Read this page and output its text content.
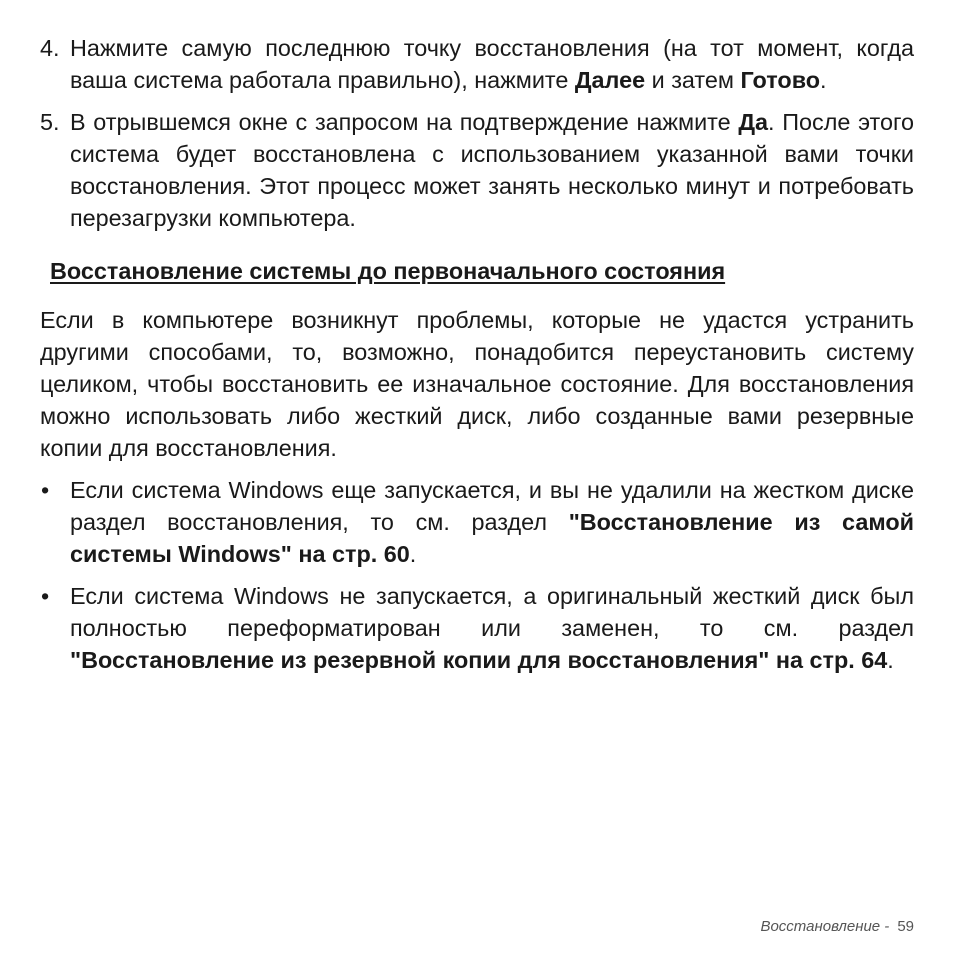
4. Нажмите самую последнюю точку восстановления (на тот момент, когда ваша система работала правильно), нажмите Далее и затем Готово.
5. В отрывшемся окне с запросом на подтверждение нажмите Да. После этого система будет восстановлена с использованием указанной вами точки восстановления. Этот процесс может занять несколько минут и потребовать перезагрузки компьютера.
Восстановление системы до первоначального состояния
Если в компьютере возникнут проблемы, которые не удастся устранить другими способами, то, возможно, понадобится переустановить систему целиком, чтобы восстановить ее изначальное состояние. Для восстановления можно использовать либо жесткий диск, либо созданные вами резервные копии для восстановления.
• Если система Windows еще запускается, и вы не удалили на жестком диске раздел восстановления, то см. раздел "Восстановление из самой системы Windows" на стр. 60.
• Если система Windows не запускается, а оригинальный жесткий диск был полностью переформатирован или заменен, то см. раздел "Восстановление из резервной копии для восстановления" на стр. 64.
Восстановление - 59
